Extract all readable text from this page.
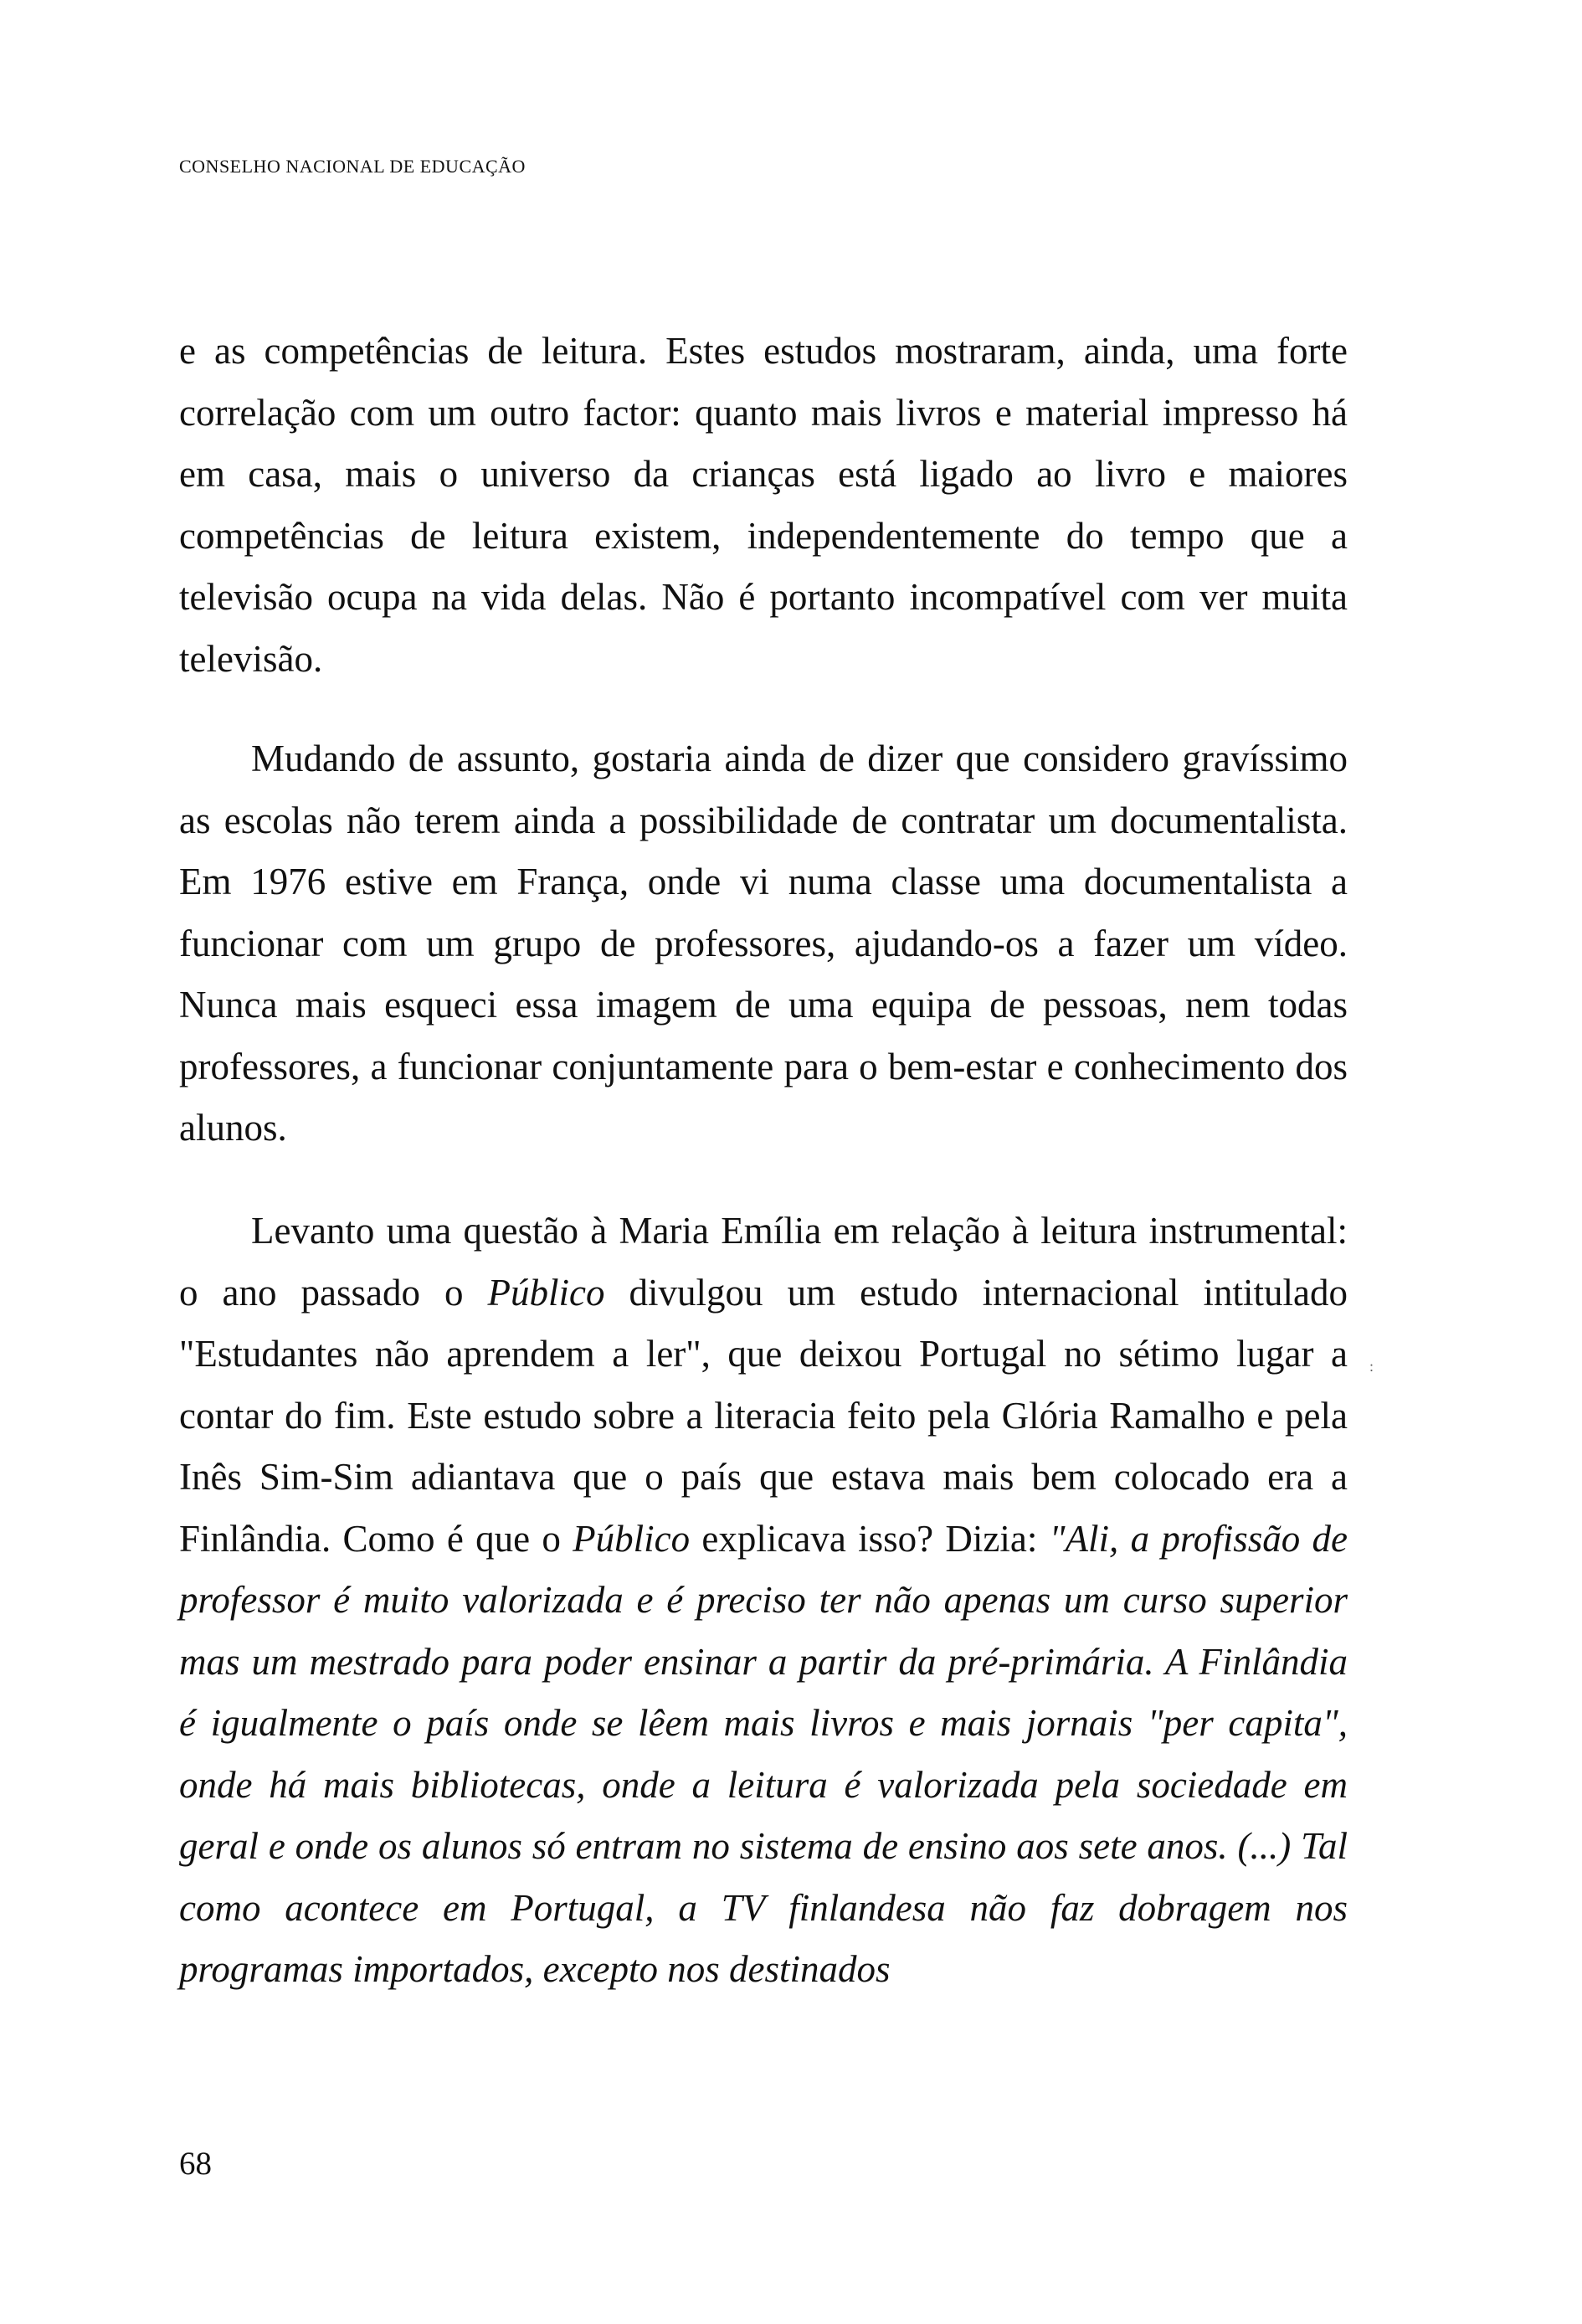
CONSELHO NACIONAL DE EDUCAÇÃO

e as competências de leitura. Estes estudos mostraram, ainda, uma forte correlação com um outro factor: quanto mais livros e material impresso há em casa, mais o universo da crianças está ligado ao livro e maiores competências de leitura existem, independentemente do tempo que a televisão ocupa na vida delas. Não é portanto incompatível com ver muita televisão.

Mudando de assunto, gostaria ainda de dizer que considero gravíssimo as escolas não terem ainda a possibilidade de contratar um documentalista. Em 1976 estive em França, onde vi numa classe uma documentalista a funcionar com um grupo de professores, ajudando-os a fazer um vídeo. Nunca mais esqueci essa imagem de uma equipa de pessoas, nem todas professores, a funcionar conjuntamente para o bem-estar e conhecimento dos alunos.

Levanto uma questão à Maria Emília em relação à leitura instrumental: o ano passado o Público divulgou um estudo internacional intitulado "Estudantes não aprendem a ler", que deixou Portugal no sétimo lugar a contar do fim. Este estudo sobre a literacia feito pela Glória Ramalho e pela Inês Sim-Sim adiantava que o país que estava mais bem colocado era a Finlândia. Como é que o Público explicava isso? Dizia: "Ali, a profissão de professor é muito valorizada e é preciso ter não apenas um curso superior mas um mestrado para poder ensinar a partir da pré-primária. A Finlândia é igualmente o país onde se lêem mais livros e mais jornais "per capita", onde há mais bibliotecas, onde a leitura é valorizada pela sociedade em geral e onde os alunos só entram no sistema de ensino aos sete anos. (...) Tal como acontece em Portugal, a TV finlandesa não faz dobragem nos programas importados, excepto nos destinados

:
68
